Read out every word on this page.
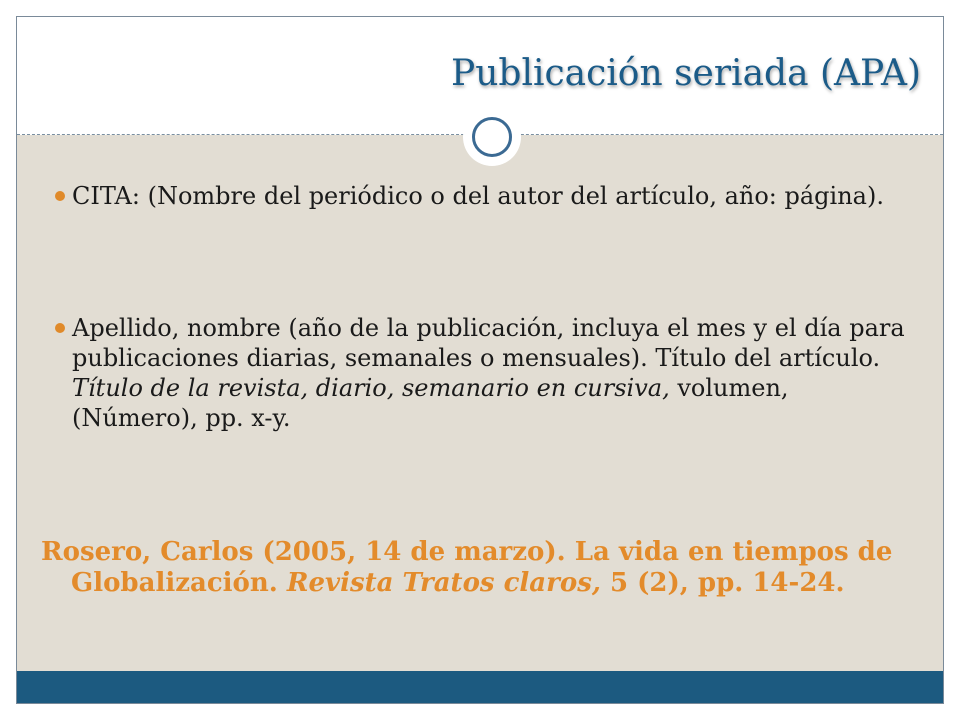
Publicación seriada (APA)
CITA: (Nombre del periódico o del autor del artículo, año: página).
Apellido, nombre (año de la publicación, incluya el mes y el día para publicaciones diarias, semanales o mensuales). Título del artículo. Título de la revista, diario, semanario en cursiva, volumen, (Número), pp. x-y.
Rosero, Carlos (2005, 14 de marzo). La vida en tiempos de Globalización. Revista Tratos claros, 5 (2), pp. 14-24.
